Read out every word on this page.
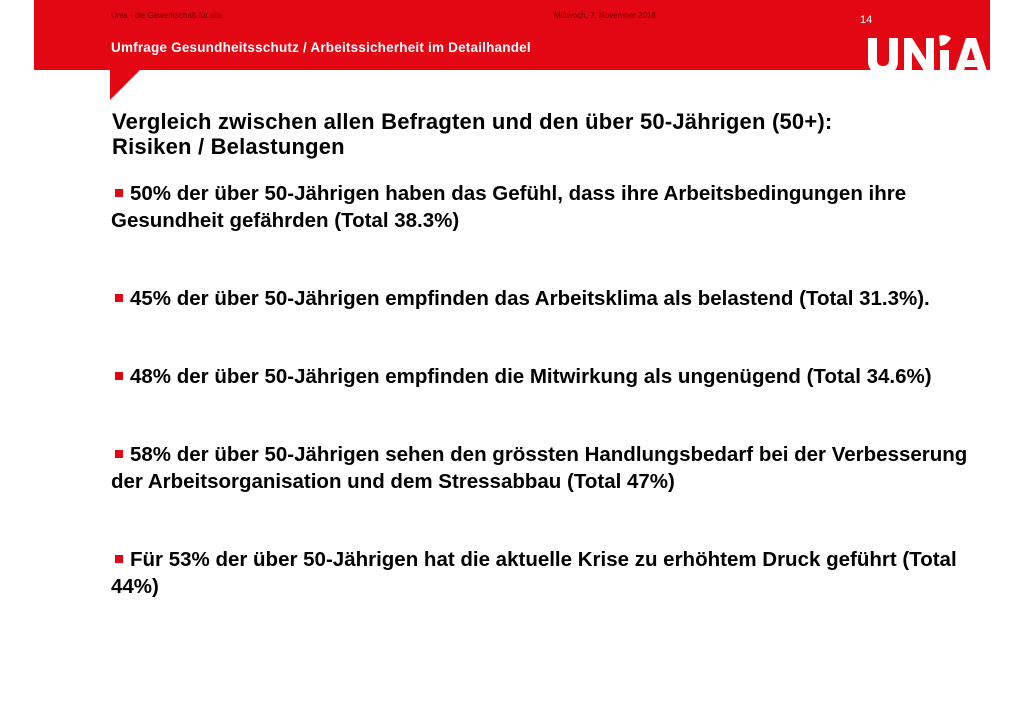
Unia - die Gewerkschaft für alle	Mittwoch, 7. November 2018	14
Umfrage Gesundheitsschutz / Arbeitssicherheit im Detailhandel
Vergleich zwischen allen Befragten und den über 50-Jährigen (50+): Risiken / Belastungen
50% der über 50-Jährigen haben das Gefühl, dass ihre Arbeitsbedingungen ihre Gesundheit gefährden (Total 38.3%)
45% der über 50-Jährigen empfinden das Arbeitsklima als belastend (Total 31.3%).
48% der über 50-Jährigen empfinden die Mitwirkung als ungenügend (Total 34.6%)
58% der über 50-Jährigen sehen den grössten Handlungsbedarf bei der Verbesserung der Arbeitsorganisation und dem Stressabbau (Total 47%)
Für 53% der über 50-Jährigen hat die aktuelle Krise zu erhöhtem Druck geführt (Total 44%)
